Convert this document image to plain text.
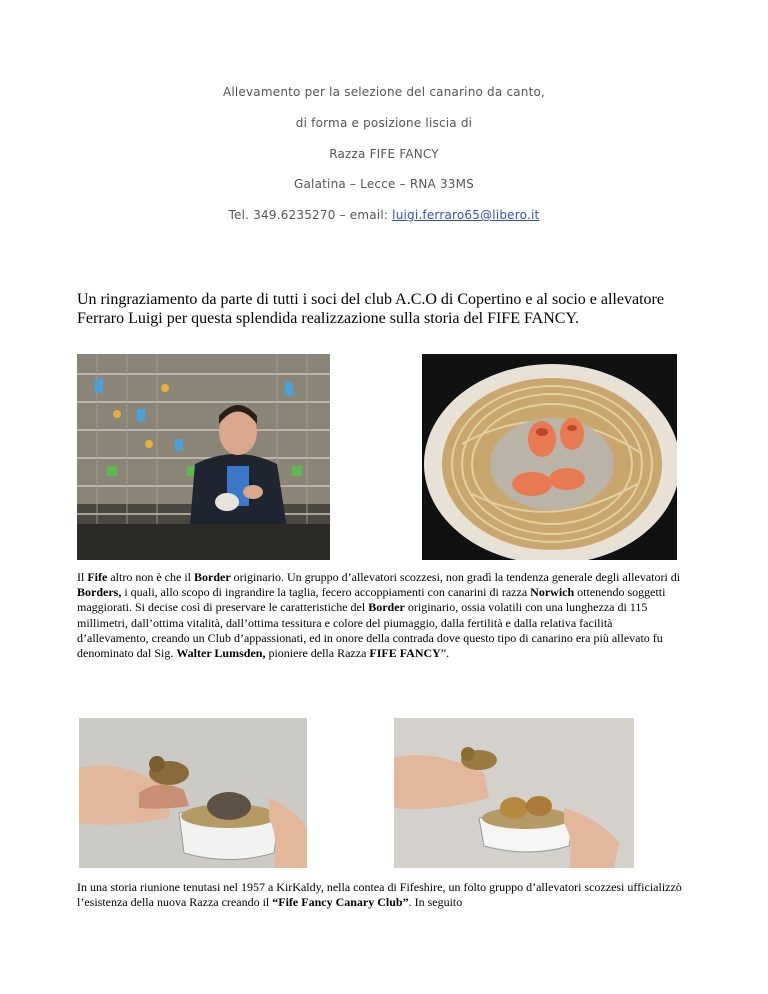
Allevamento per la selezione del canarino da canto,
di forma e posizione liscia di
Razza FIFE FANCY
Galatina – Lecce – RNA 33MS
Tel. 349.6235270 – email: luigi.ferraro65@libero.it
Un ringraziamento da parte di tutti i soci del club A.C.O di Copertino e al socio e allevatore Ferraro Luigi per questa splendida realizzazione sulla storia del FIFE FANCY.
Il Fife altro non è che il Border originario. Un gruppo d’allevatori scozzesi, non gradì la tendenza generale degli allevatori di Borders, i quali, allo scopo di ingrandire la taglia, fecero accoppiamenti con canarini di razza Norwich ottenendo soggetti maggiorati. Si decise così di preservare le caratteristiche del Border originario, ossia volatili con una lunghezza di 115 millimetri, dall’ottima vitalità, dall’ottima tessitura e colore del piumaggio, dalla fertilità e dalla relativa facilità d’allevamento, creando un Club d’appassionati, ed in onore della contrada dove questo tipo di canarino era più allevato fu denominato dal Sig. Walter Lumsden, pioniere della Razza FIFE FANCY”.
In una storia riunione tenutasi nel 1957 a KirKaldy, nella contea di Fifeshire, un folto gruppo d’allevatori scozzesi ufficializzò l’esistenza della nuova Razza creando il “Fife Fancy Canary Club”. In seguito
